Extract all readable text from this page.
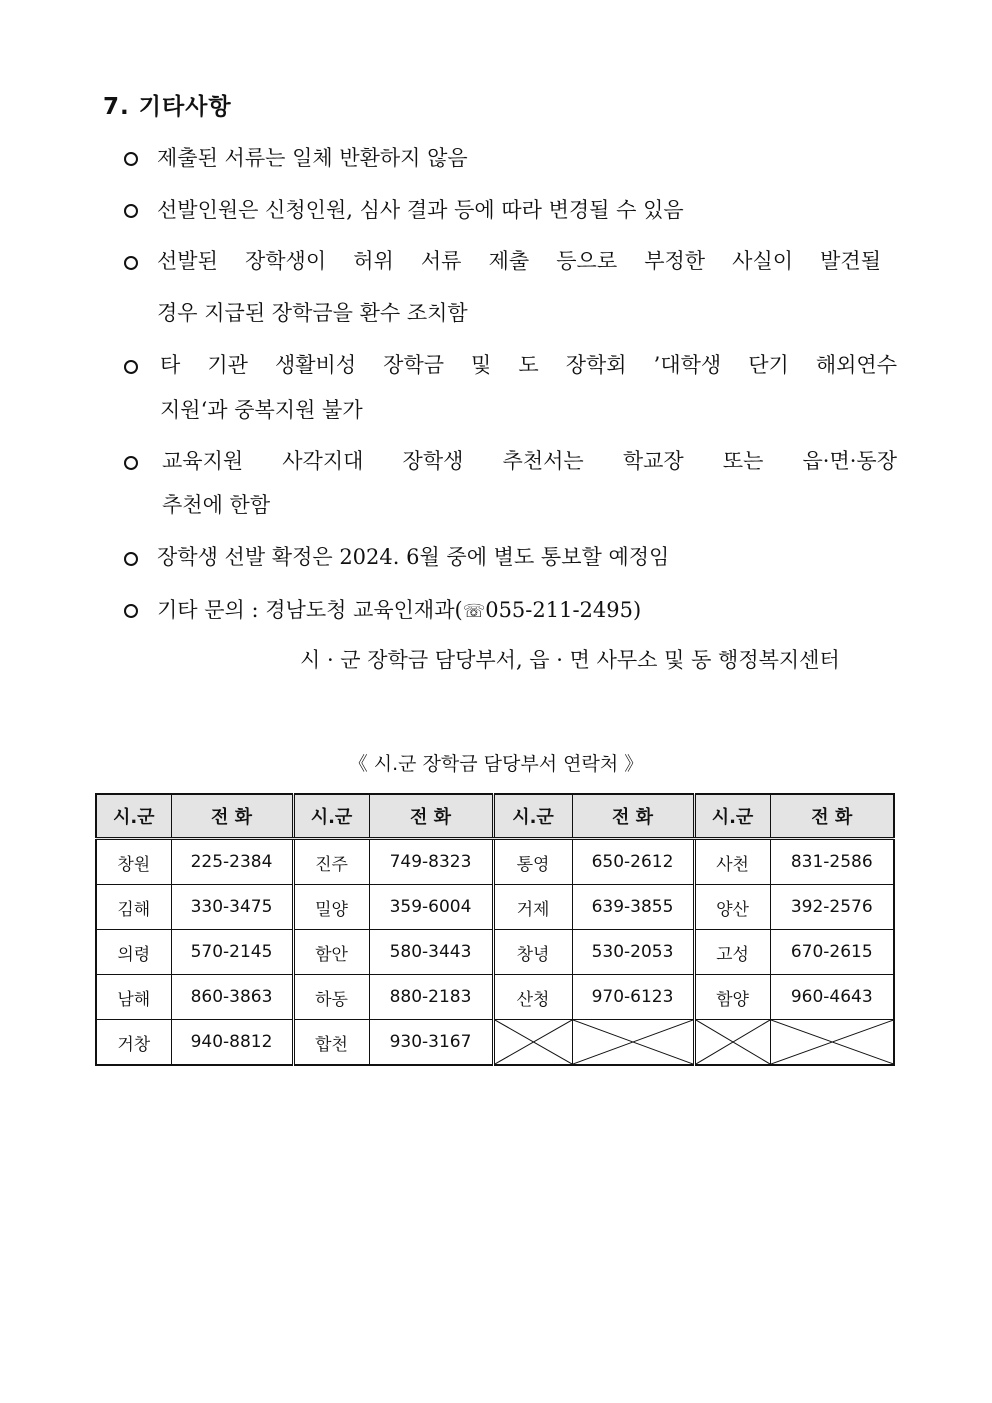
7. 기타사항
제출된 서류는 일체 반환하지 않음
선발인원은 신청인원, 심사 결과 등에 따라 변경될 수 있음
선발된 장학생이 허위 서류 제출 등으로 부정한 사실이 발견될
경우 지급된 장학금을 환수 조치함
타 기관 생활비성 장학금 및 도 장학회 ’대학생 단기 해외연수
지원‘과 중복지원 불가
교육지원 사각지대 장학생 추천서는 학교장 또는 읍·면·동장
추천에 한함
장학생 선발 확정은 2024. 6월 중에 별도 통보할 예정임
기타 문의 : 경남도청 교육인재과(☏055-211-2495)
시 · 군 장학금 담당부서, 읍 · 면 사무소 및 동 행정복지센터
《 시.군 장학금 담당부서 연락처 》
시.군	전 화	시.군	전 화	시.군	전 화	시.군	전 화
창원	225-2384	진주	749-8323	통영	650-2612	사천	831-2586
김해	330-3475	밀양	359-6004	거제	639-3855	양산	392-2576
의령	570-2145	함안	580-3443	창녕	530-2053	고성	670-2615
남해	860-3863	하동	880-2183	산청	970-6123	함양	960-4643
거창	940-8812	합천	930-3167	
